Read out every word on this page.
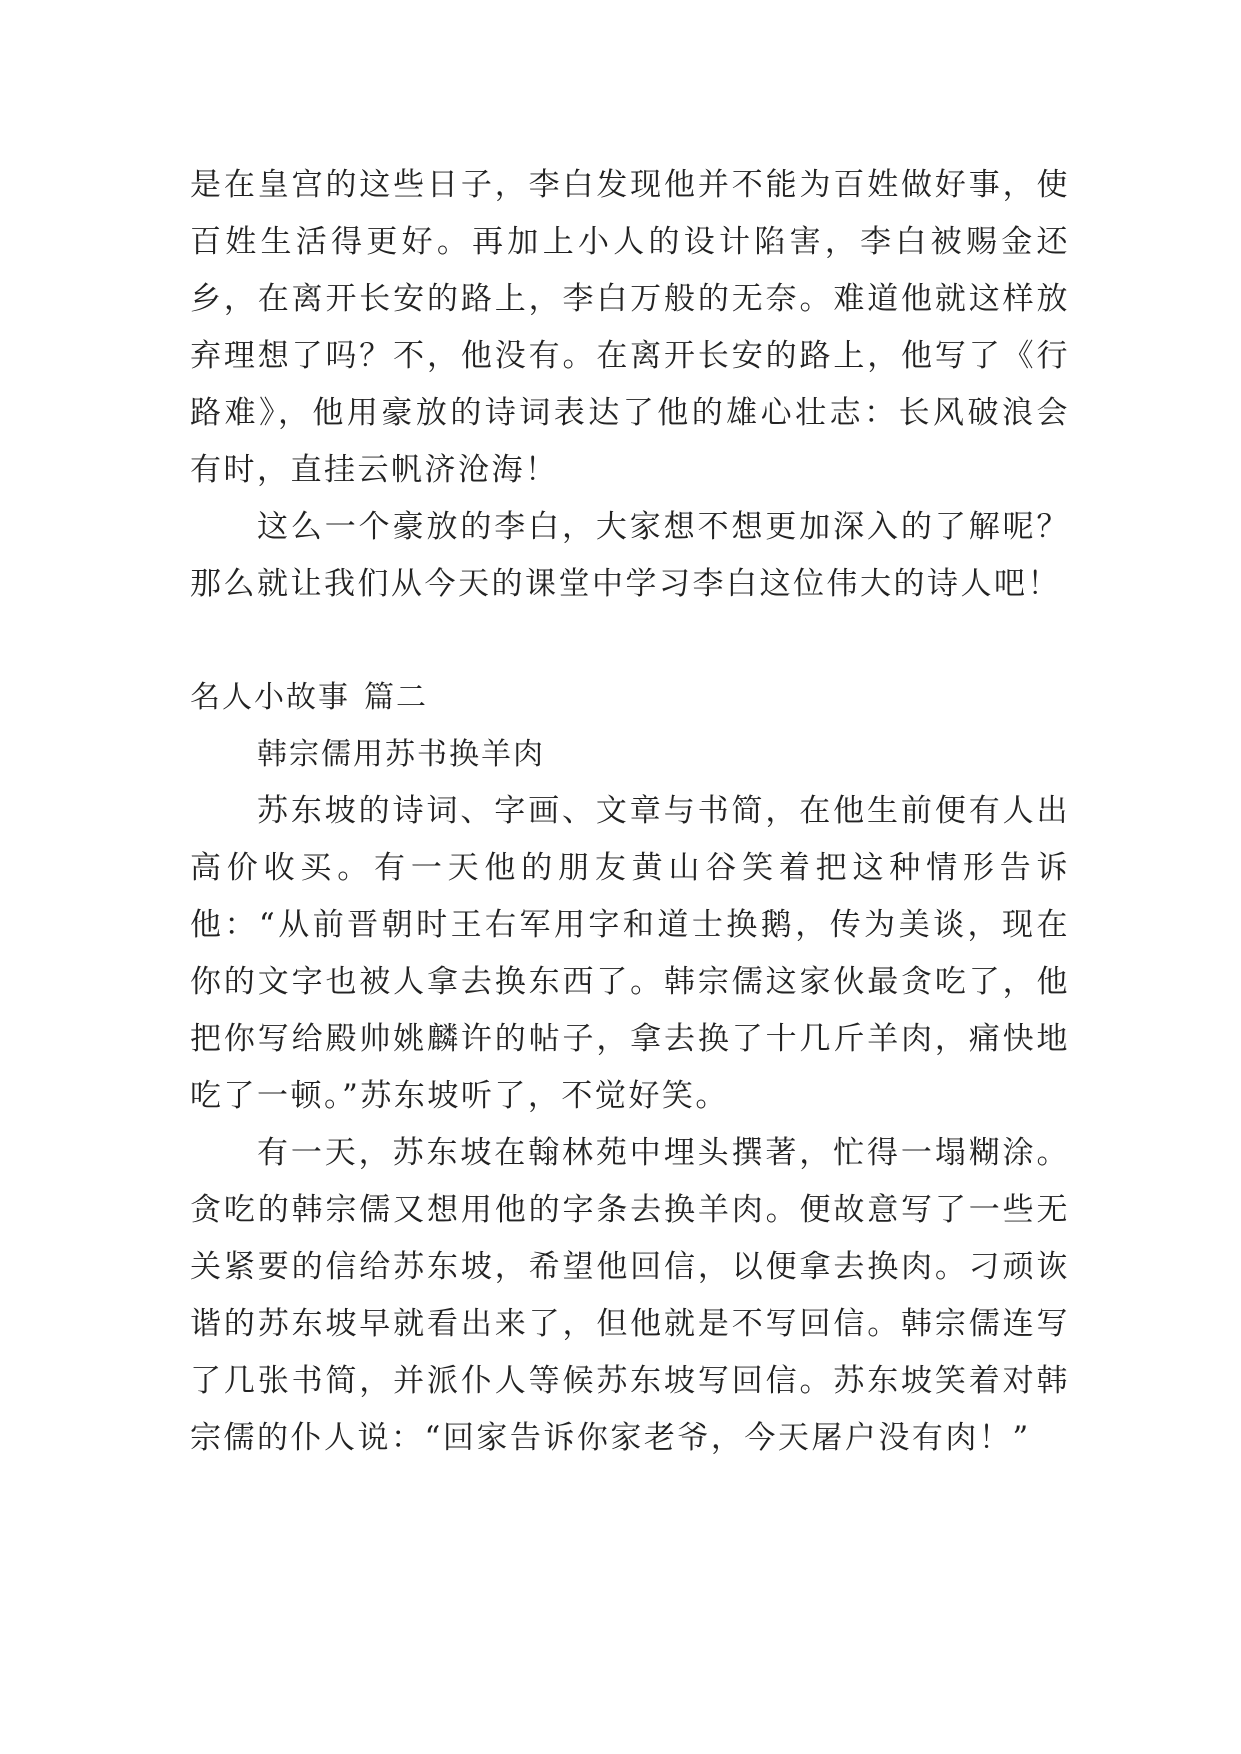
是在皇宫的这些日子，李白发现他并不能为百姓做好事，使百姓生活得更好。再加上小人的设计陷害，李白被赐金还乡，在离开长安的路上，李白万般的无奈。难道他就这样放弃理想了吗？不，他没有。在离开长安的路上，他写了《行路难》，他用豪放的诗词表达了他的雄心壮志：长风破浪会有时，直挂云帆济沧海！

这么一个豪放的李白，大家想不想更加深入的了解呢？那么就让我们从今天的课堂中学习李白这位伟大的诗人吧！

名人小故事 篇二

韩宗儒用苏书换羊肉

苏东坡的诗词、字画、文章与书简，在他生前便有人出高价收买。有一天他的朋友黄山谷笑着把这种情形告诉他：“从前晋朝时王右军用字和道士换鹅，传为美谈，现在你的文字也被人拿去换东西了。韩宗儒这家伙最贪吃了，他把你写给殿帅姚麟许的帖子，拿去换了十几斤羊肉，痛快地吃了一顿。”苏东坡听了，不觉好笑。

有一天，苏东坡在翰林苑中埋头撰著，忙得一塌糊涂。贪吃的韩宗儒又想用他的字条去换羊肉。便故意写了一些无关紧要的信给苏东坡，希望他回信，以便拿去换肉。刁顽诙谐的苏东坡早就看出来了，但他就是不写回信。韩宗儒连写了几张书简，并派仆人等候苏东坡写回信。苏东坡笑着对韩宗儒的仆人说：“回家告诉你家老爷，今天屠户没有肉！”
